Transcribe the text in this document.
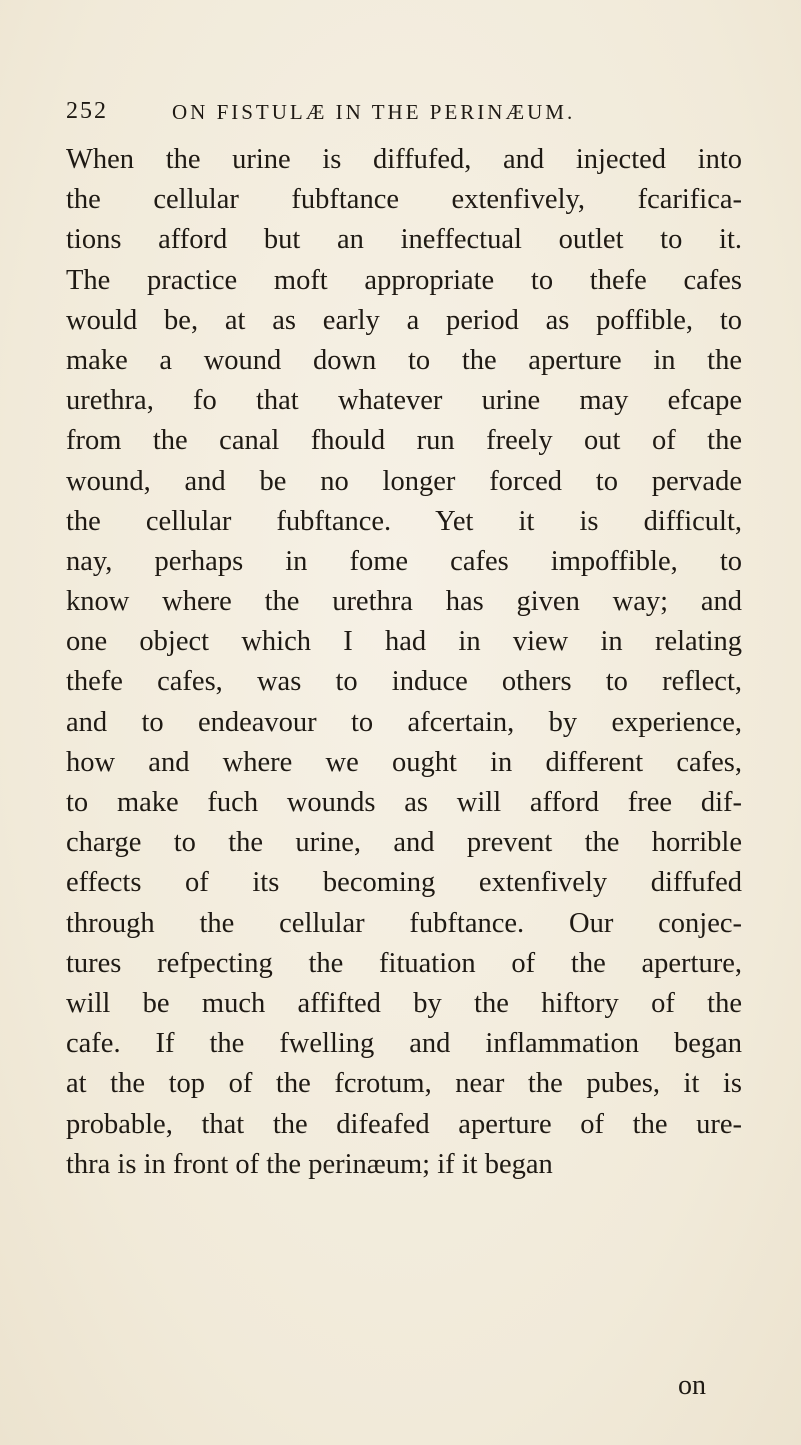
252	ON FISTULÆ IN THE PERINÆUM.
When the urine is diffufed, and injected into
the cellular fubftance extenfively, fcarifica-
tions afford but an ineffectual outlet to it.
The practice moft appropriate to thefe cafes
would be, at as early a period as poffible, to
make a wound down to the aperture in the
urethra, fo that whatever urine may efcape
from the canal fhould run freely out of the
wound, and be no longer forced to pervade
the cellular fubftance. Yet it is difficult,
nay, perhaps in fome cafes impoffible, to
know where the urethra has given way; and
one object which I had in view in relating
thefe cafes, was to induce others to reflect,
and to endeavour to afcertain, by experience,
how and where we ought in different cafes,
to make fuch wounds as will afford free dif-
charge to the urine, and prevent the horrible
effects of its becoming extenfively diffufed
through the cellular fubftance. Our conjec-
tures refpecting the fituation of the aperture,
will be much affifted by the hiftory of the
cafe. If the fwelling and inflammation began
at the top of the fcrotum, near the pubes, it is
probable, that the difeafed aperture of the ure-
thra is in front of the perinæum; if it began
on
